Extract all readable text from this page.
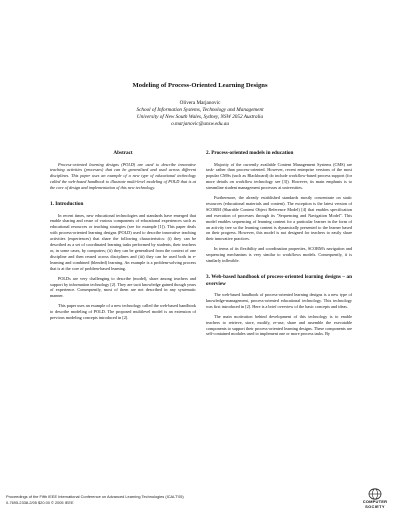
Modeling of Process-Oriented Learning Designs
Olivera Marjanovic
School of Information Systems, Technology and Management
University of New South Wales, Sydney, NSW 2052 Australia
o.marjanovic@unsw.edu.au
Abstract

Process-oriented learning designs (POLD) are used to describe innovative teaching activities (processes) that can be generalised and used across different disciplines. This paper uses an example of a new type of educational technology called the web-based handbook to illustrate multi-level modeling of POLD that is at the core of design and implementation of this new technology.

1. Introduction

In recent times, new educational technologies and standards have emerged that enable sharing and reuse of various components of educational experiences such as educational resources or teaching strategies (see for example [1]). This paper deals with process-oriented learning designs (POLD) used to describe innovative teaching activities (experiences) that share the following characteristics: (i) they can be described as a set of coordinated learning tasks performed by students, their teachers or, in some cases, by computers; (ii) they can be generalised from the context of one discipline and then reused across disciplines and (iii) they can be used both in e-learning and combined (blended) learning. An example is a problem-solving process that is at the core of problem-based learning.

POLDs are very challenging to describe (model), share among teachers and support by information technology [2]. They are tacit knowledge gained though years of experience. Consequently, most of them are not described in any systematic manner.

This paper uses an example of a new technology called the web-based handbook to describe modeling of POLD. The proposed multilevel model is an extension of previous modeling concepts introduced in [2].

2. Process-oriented models in education

Majority of the currently available Content Management Systems (CMS) are task- rather than process-oriented. However, recent enterprise versions of the most popular CMSs (such as Blackboard) do include workflow-based process support (for more details on workflow technology see [3]). However, its main emphasis is to streamline student management processes at universities.

Furthermore, the already established standards mostly concentrate on static resources (educational materials and content). The exception is the latest version of SCORM (Sharable Content Object Reference Model) [4] that enables specification and execution of processes through its "Sequencing and Navigation Model". This model enables sequencing of learning content for a particular learner in the form of an activity tree so the learning content is dynamically presented to the learner based on their progress. However, this model is not designed for teachers to easily share their innovative practices.

In terms of its flexibility and coordination properties, SCORM's navigation and sequencing mechanism is very similar to workflows models. Consequently, it is similarly inflexible.

3. Web-based handbook of process-oriented learning designs – an overview

The web-based handbook of process-oriented learning designs is a new type of knowledge-management, process-oriented educational technology. This technology was first introduced in [2]. Here is a brief overview of the basic concepts and ideas.

The main motivation behind development of this technology is to enable teachers to retrieve, store, modify, re-use, share and assemble the executable components to support their process-oriented learning designs. These components are self-contained modules used to implement one or more process tasks. By

Proceedings of the Fifth IEEE International Conference on Advanced Learning Technologies (ICALT'05)
0-7695-2338-2/05 $20.00 © 2005 IEEE	COMPUTER
SOCIETY
